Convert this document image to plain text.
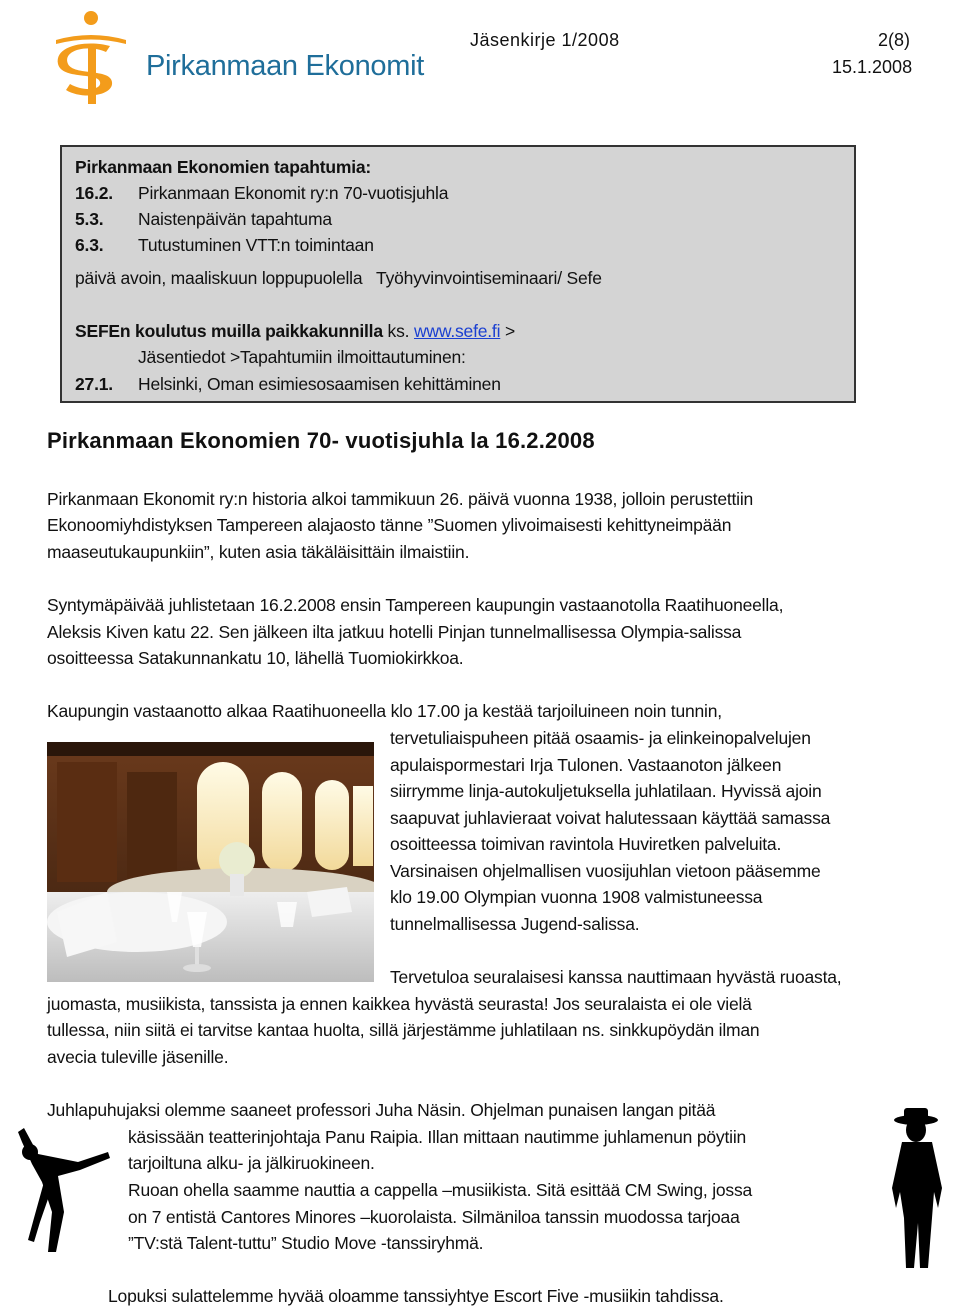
Pirkanmaan Ekonomit
Jäsenkirje 1/2008	2(8)
15.1.2008
Pirkanmaan Ekonomien tapahtumia:
16.2. Pirkanmaan Ekonomit ry:n 70-vuotisjuhla
5.3. Naistenpäivän tapahtuma
6.3. Tutustuminen VTT:n toimintaan
päivä avoin, maaliskuun loppupuolella   Työhyvinvointiseminaari/ Sefe
SEFEn koulutus muilla paikkakunnilla ks. www.sefe.fi >
Jäsentiedot >Tapahtumiin ilmoittautuminen:
27.1. Helsinki, Oman esimiesosaamisen kehittäminen
Pirkanmaan Ekonomien 70- vuotisjuhla la 16.2.2008
Pirkanmaan Ekonomit ry:n historia alkoi tammikuun 26. päivä vuonna 1938, jolloin perustettiin
Ekonoomiyhdistyksen Tampereen alajaosto tänne ”Suomen ylivoimaisesti kehittyneimpään
maaseutukaupunkiin”, kuten asia täkäläisittäin ilmaistiin.
Syntymäpäivää juhlistetaan 16.2.2008 ensin Tampereen kaupungin vastaanotolla Raatihuoneella,
Aleksis Kiven katu 22. Sen jälkeen ilta jatkuu hotelli Pinjan tunnelmallisessa Olympia-salissa
osoitteessa Satakunnankatu 10, lähellä Tuomiokirkkoa.
Kaupungin vastaanotto alkaa Raatihuoneella klo 17.00 ja kestää tarjoiluineen noin tunnin,
tervetuliaispuheen pitää osaamis- ja elinkeinopalvelujen
apulaispormestari Irja Tulonen. Vastaanoton jälkeen
siirrymme linja-autokuljetuksella juhlatilaan. Hyvissä ajoin
saapuvat juhlavieraat voivat halutessaan käyttää samassa
osoitteessa toimivan ravintola Huviretken palveluita.
Varsinaisen ohjelmallisen vuosijuhlan vietoon pääsemme
klo 19.00 Olympian vuonna 1908 valmistuneessa
tunnelmallisessa Jugend-salissa.
Tervetuloa seuralaisesi kanssa nauttimaan hyvästä ruoasta,
juomasta, musiikista, tanssista ja ennen kaikkea hyvästä seurasta! Jos seuralaista ei ole vielä
tullessa, niin siitä ei tarvitse kantaa huolta, sillä järjestämme juhlatilaan ns. sinkkupöydän ilman
avecia tuleville jäsenille.
Juhlapuhujaksi olemme saaneet professori Juha Näsin. Ohjelman punaisen langan pitää
käsissään teatterinjohtaja Panu Raipia. Illan mittaan nautimme juhlamenun pöytiin
tarjoiltuna alku- ja jälkiruokineen.
Ruoan ohella saamme nauttia a cappella –musiikista. Sitä esittää CM Swing, jossa
on 7 entistä Cantores Minores –kuorolaista. Silmäniloa tanssin muodossa tarjoaa
”TV:stä Talent-tuttu” Studio Move -tanssiryhmä.
Lopuksi sulattelemme hyvää oloamme tanssiyhtye Escort Five -musiikin tahdissa.
